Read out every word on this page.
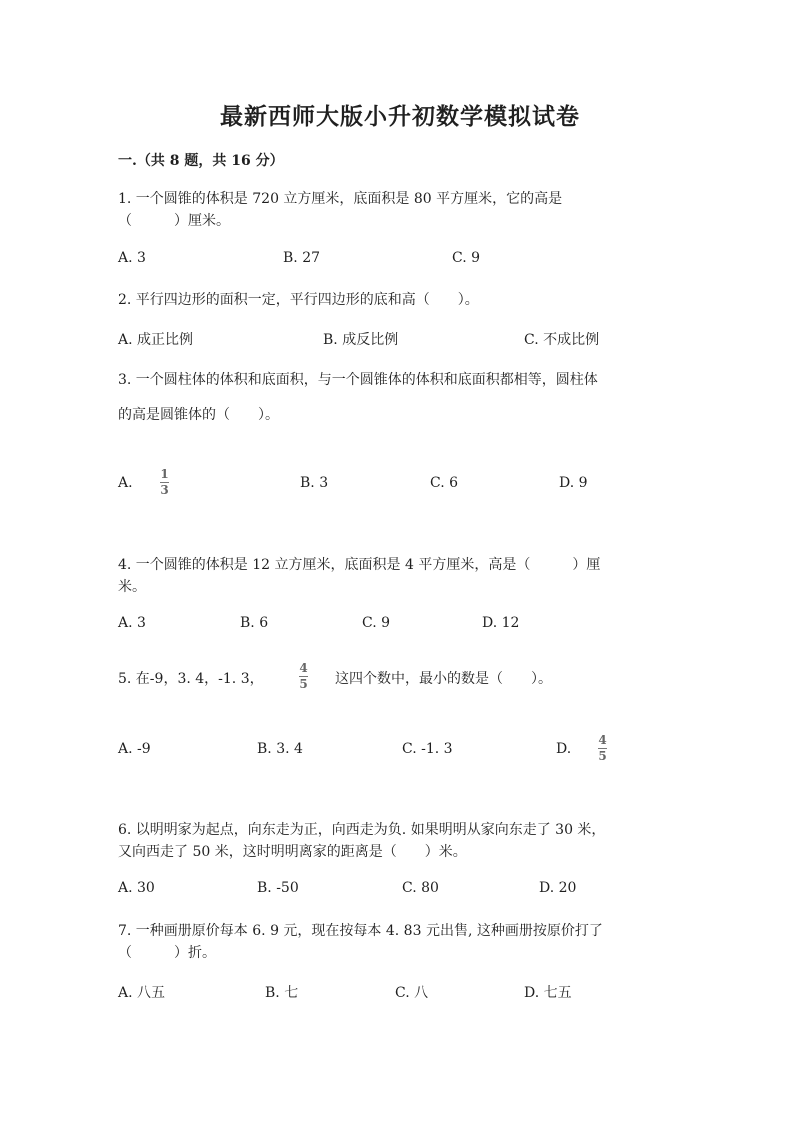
最新西师大版小升初数学模拟试卷
一.（共 8 题，共 16 分）
1. 一个圆锥的体积是 720 立方厘米，底面积是 80 平方厘米，它的高是
（　　　）厘米。
A. 3	B. 27	C. 9
2. 平行四边形的面积一定，平行四边形的底和高（　　）。
A. 成正比例	B. 成反比例	C. 不成比例
3. 一个圆柱体的体积和底面积，与一个圆锥体的体积和底面积都相等，圆柱体
的高是圆锥体的（　　）。
A.
1
3	B. 3	C. 6	D. 9
4. 一个圆锥的体积是 12 立方厘米，底面积是 4 平方厘米，高是（　　　）厘
米。
A. 3	B. 6	C. 9	D. 12
5. 在-9，3. 4，-1. 3，
4
5 这四个数中，最小的数是（　　）。
A. -9	B. 3. 4	C. -1. 3	D.
4
5
6. 以明明家为起点，向东走为正，向西走为负. 如果明明从家向东走了 30 米，
又向西走了 50 米，这时明明离家的距离是（　　）米。
A. 30	B. -50	C. 80	D. 20
7. 一种画册原价每本 6. 9 元，现在按每本 4. 83 元出售, 这种画册按原价打了
（　　　）折。
A. 八五	B. 七	C. 八	D. 七五
